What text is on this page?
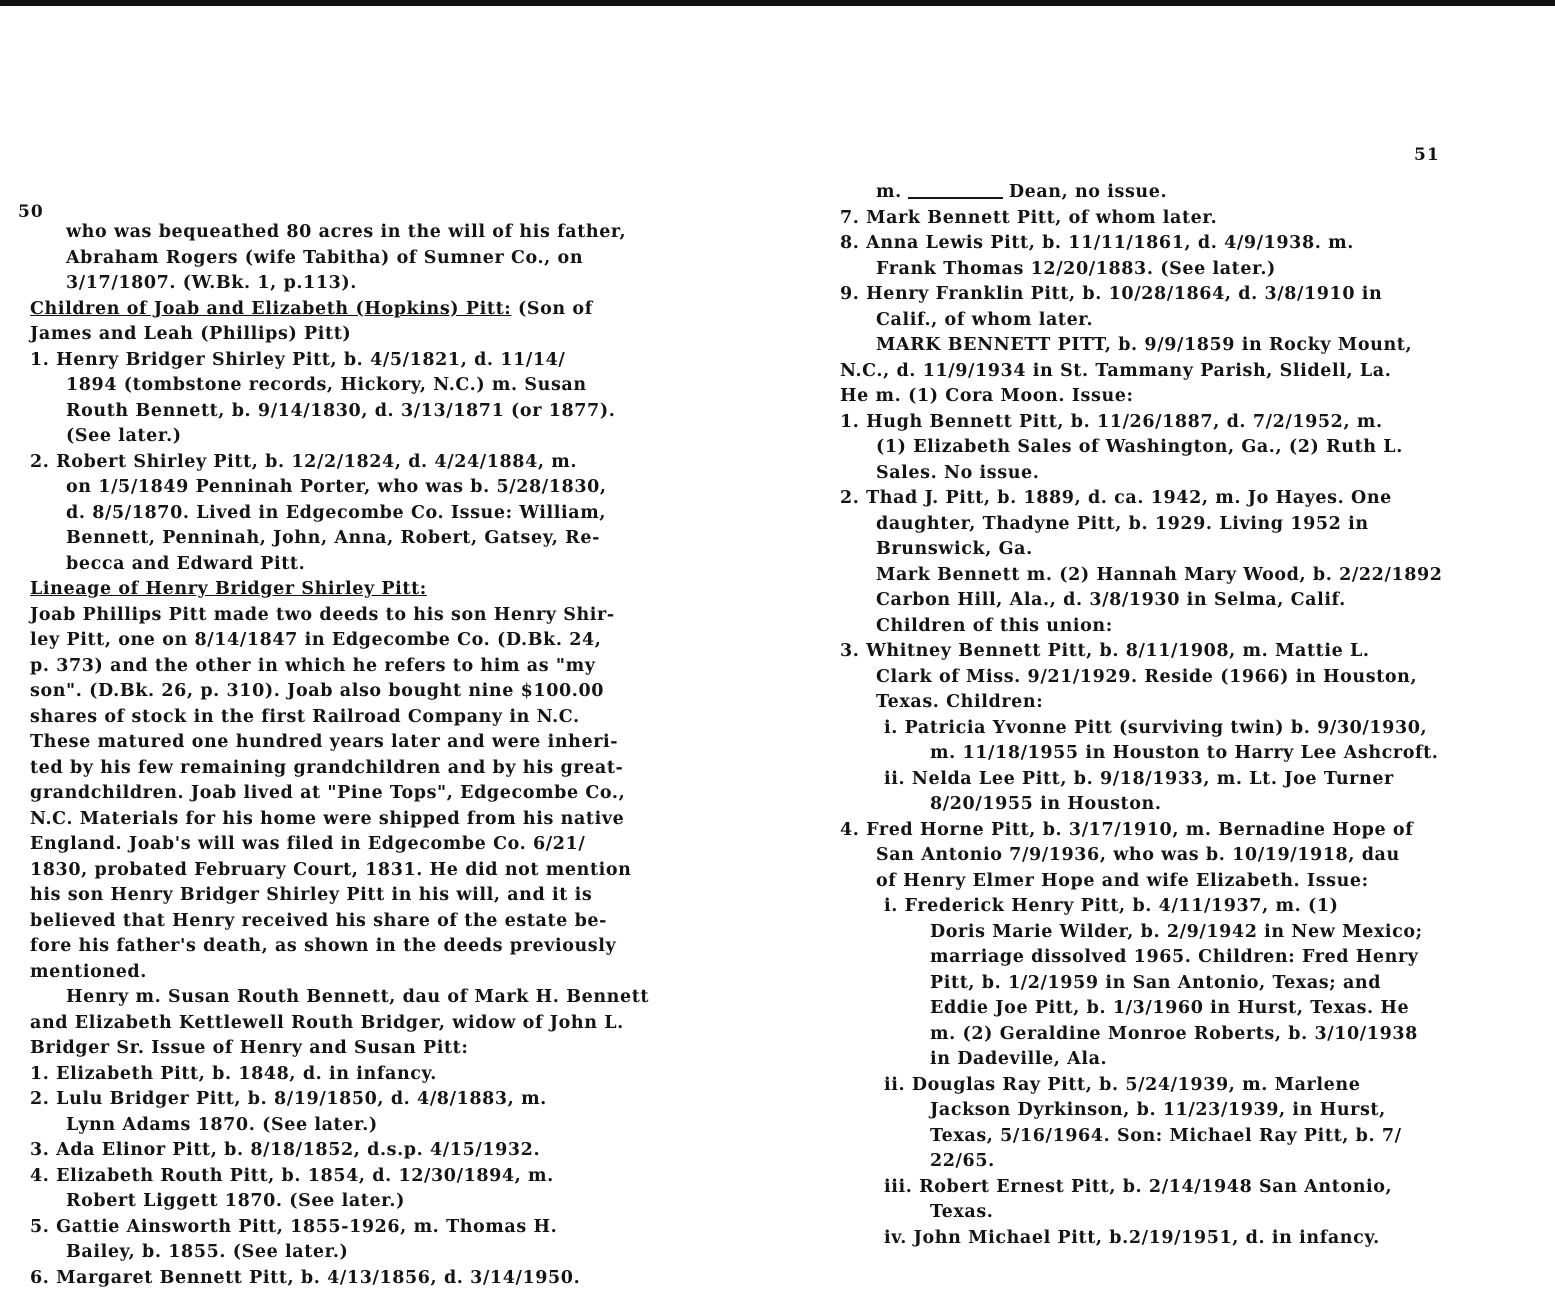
50
51
who was bequeathed 80 acres in the will of his father,
Abraham Rogers (wife Tabitha) of Sumner Co., on
3/17/1807. (W.Bk. 1, p.113).
Children of Joab and Elizabeth (Hopkins) Pitt: (Son of
James and Leah (Phillips) Pitt)
1. Henry Bridger Shirley Pitt, b. 4/5/1821, d. 11/14/
1894 (tombstone records, Hickory, N.C.) m. Susan
Routh Bennett, b. 9/14/1830, d. 3/13/1871 (or 1877).
(See later.)
2. Robert Shirley Pitt, b. 12/2/1824, d. 4/24/1884, m.
on 1/5/1849 Penninah Porter, who was b. 5/28/1830,
d. 8/5/1870. Lived in Edgecombe Co. Issue: William,
Bennett, Penninah, John, Anna, Robert, Gatsey, Re-
becca and Edward Pitt.
Lineage of Henry Bridger Shirley Pitt:
Joab Phillips Pitt made two deeds to his son Henry Shir-
ley Pitt, one on 8/14/1847 in Edgecombe Co. (D.Bk. 24,
p. 373) and the other in which he refers to him as "my
son". (D.Bk. 26, p. 310). Joab also bought nine $100.00
shares of stock in the first Railroad Company in N.C.
These matured one hundred years later and were inheri-
ted by his few remaining grandchildren and by his great-
grandchildren. Joab lived at "Pine Tops", Edgecombe Co.,
N.C. Materials for his home were shipped from his native
England. Joab's will was filed in Edgecombe Co. 6/21/
1830, probated February Court, 1831. He did not mention
his son Henry Bridger Shirley Pitt in his will, and it is
believed that Henry received his share of the estate be-
fore his father's death, as shown in the deeds previously
mentioned.
Henry m. Susan Routh Bennett, dau of Mark H. Bennett
and Elizabeth Kettlewell Routh Bridger, widow of John L.
Bridger Sr. Issue of Henry and Susan Pitt:
1. Elizabeth Pitt, b. 1848, d. in infancy.
2. Lulu Bridger Pitt, b. 8/19/1850, d. 4/8/1883, m.
Lynn Adams 1870. (See later.)
3. Ada Elinor Pitt, b. 8/18/1852, d.s.p. 4/15/1932.
4. Elizabeth Routh Pitt, b. 1854, d. 12/30/1894, m.
Robert Liggett 1870. (See later.)
5. Gattie Ainsworth Pitt, 1855-1926, m. Thomas H.
Bailey, b. 1855. (See later.)
6. Margaret Bennett Pitt, b. 4/13/1856, d. 3/14/1950.
m.	Dean, no issue.
7. Mark Bennett Pitt, of whom later.
8. Anna Lewis Pitt, b. 11/11/1861, d. 4/9/1938. m.
Frank Thomas 12/20/1883. (See later.)
9. Henry Franklin Pitt, b. 10/28/1864, d. 3/8/1910 in
Calif., of whom later.
MARK BENNETT PITT, b. 9/9/1859 in Rocky Mount,
N.C., d. 11/9/1934 in St. Tammany Parish, Slidell, La.
He m. (1) Cora Moon. Issue:
1. Hugh Bennett Pitt, b. 11/26/1887, d. 7/2/1952, m.
(1) Elizabeth Sales of Washington, Ga., (2) Ruth L.
Sales. No issue.
2. Thad J. Pitt, b. 1889, d. ca. 1942, m. Jo Hayes. One
daughter, Thadyne Pitt, b. 1929. Living 1952 in
Brunswick, Ga.
Mark Bennett m. (2) Hannah Mary Wood, b. 2/22/1892
Carbon Hill, Ala., d. 3/8/1930 in Selma, Calif.
Children of this union:
3. Whitney Bennett Pitt, b. 8/11/1908, m. Mattie L.
Clark of Miss. 9/21/1929. Reside (1966) in Houston,
Texas. Children:
i. Patricia Yvonne Pitt (surviving twin) b. 9/30/1930,
m. 11/18/1955 in Houston to Harry Lee Ashcroft.
ii. Nelda Lee Pitt, b. 9/18/1933, m. Lt. Joe Turner
8/20/1955 in Houston.
4. Fred Horne Pitt, b. 3/17/1910, m. Bernadine Hope of
San Antonio 7/9/1936, who was b. 10/19/1918, dau
of Henry Elmer Hope and wife Elizabeth. Issue:
i. Frederick Henry Pitt, b. 4/11/1937, m. (1)
Doris Marie Wilder, b. 2/9/1942 in New Mexico;
marriage dissolved 1965. Children: Fred Henry
Pitt, b. 1/2/1959 in San Antonio, Texas; and
Eddie Joe Pitt, b. 1/3/1960 in Hurst, Texas. He
m. (2) Geraldine Monroe Roberts, b. 3/10/1938
in Dadeville, Ala.
ii. Douglas Ray Pitt, b. 5/24/1939, m. Marlene
Jackson Dyrkinson, b. 11/23/1939, in Hurst,
Texas, 5/16/1964. Son: Michael Ray Pitt, b. 7/
22/65.
iii. Robert Ernest Pitt, b. 2/14/1948 San Antonio,
Texas.
iv. John Michael Pitt, b.2/19/1951, d. in infancy.
